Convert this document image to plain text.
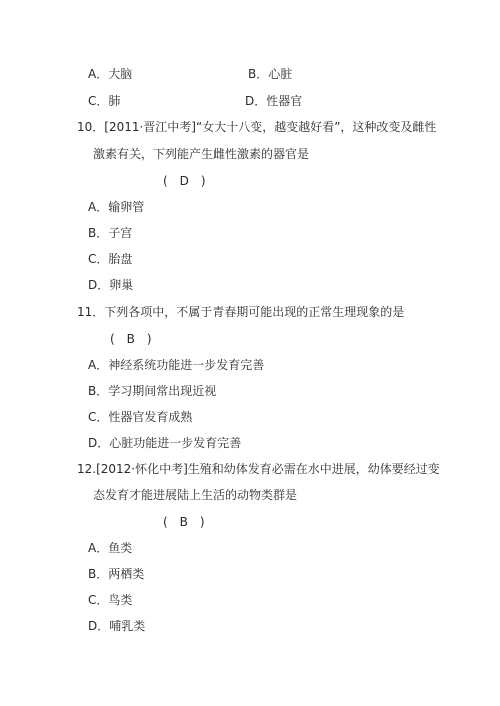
A．大脑	B．心脏
C．肺	D．性器官
10．[2011·晋江中考]“女大十八变，越变越好看”，这种改变及雌性
激素有关，下列能产生雌性激素的器官是
(　D　)
A．输卵管
B．子宫
C．胎盘
D．卵巢
11．下列各项中，不属于青春期可能出现的正常生理现象的是
(　B　)
A．神经系统功能进一步发育完善
B．学习期间常出现近视
C．性器官发育成熟
D．心脏功能进一步发育完善
12.[2012·怀化中考]生殖和幼体发育必需在水中进展，幼体要经过变
态发育才能进展陆上生活的动物类群是
(　B　)
A．鱼类
B．两栖类
C．鸟类
D．哺乳类
